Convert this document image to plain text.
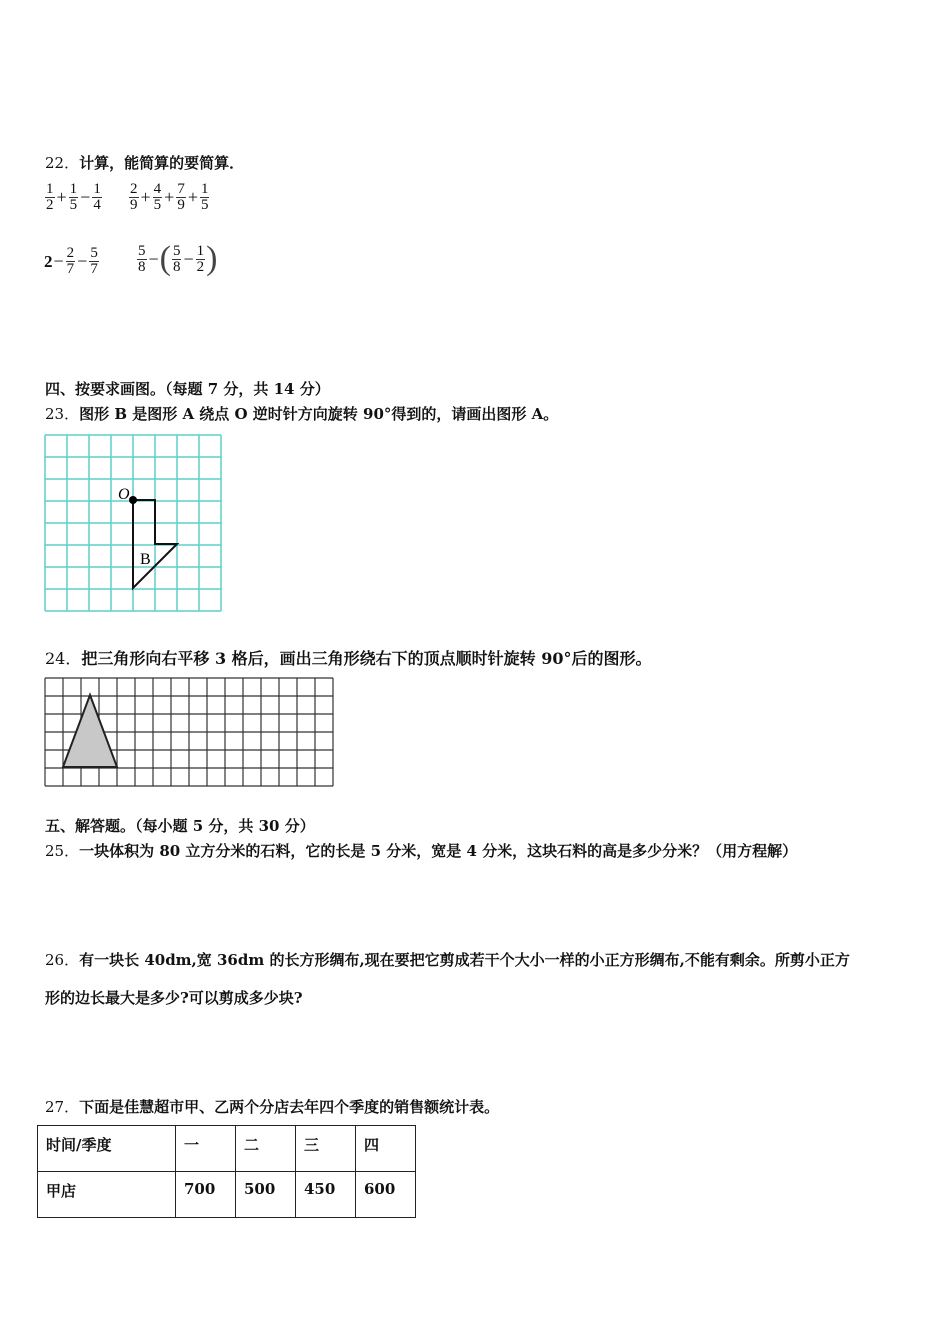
22．计算，能简算的要简算．
$\frac{1}{2} + \frac{1}{5} - \frac{1}{4} \frac{2}{9} + \frac{4}{5} + \frac{7}{9} + \frac{1}{5}$
$2 - \frac{2}{7} - \frac{5}{7}$	$\frac{5}{8}$ − ( $\frac{5}{8} - \frac{1}{2}$ )
四、按要求画图。（每题 7 分，共 14 分）
23．图形 B 是图形 A 绕点 O 逆时针方向旋转 90°得到的，请画出图形 A。
O
B
24．把三角形向右平移 3 格后，画出三角形绕右下的顶点顺时针旋转 90°后的图形。
五、解答题。（每小题 5 分，共 30 分）
25．一块体积为 80 立方分米的石料，它的长是 5 分米，宽是 4 分米，这块石料的高是多少分米？（用方程解）
26．有一块长 40dm,宽 36dm 的长方形绸布,现在要把它剪成若干个大小一样的小正方形绸布,不能有剩余。所剪小正方
形的边长最大是多少?可以剪成多少块?
27．下面是佳慧超市甲、乙两个分店去年四个季度的销售额统计表。
时间/季度	一	二	三	四
甲店	700	500	450	600
